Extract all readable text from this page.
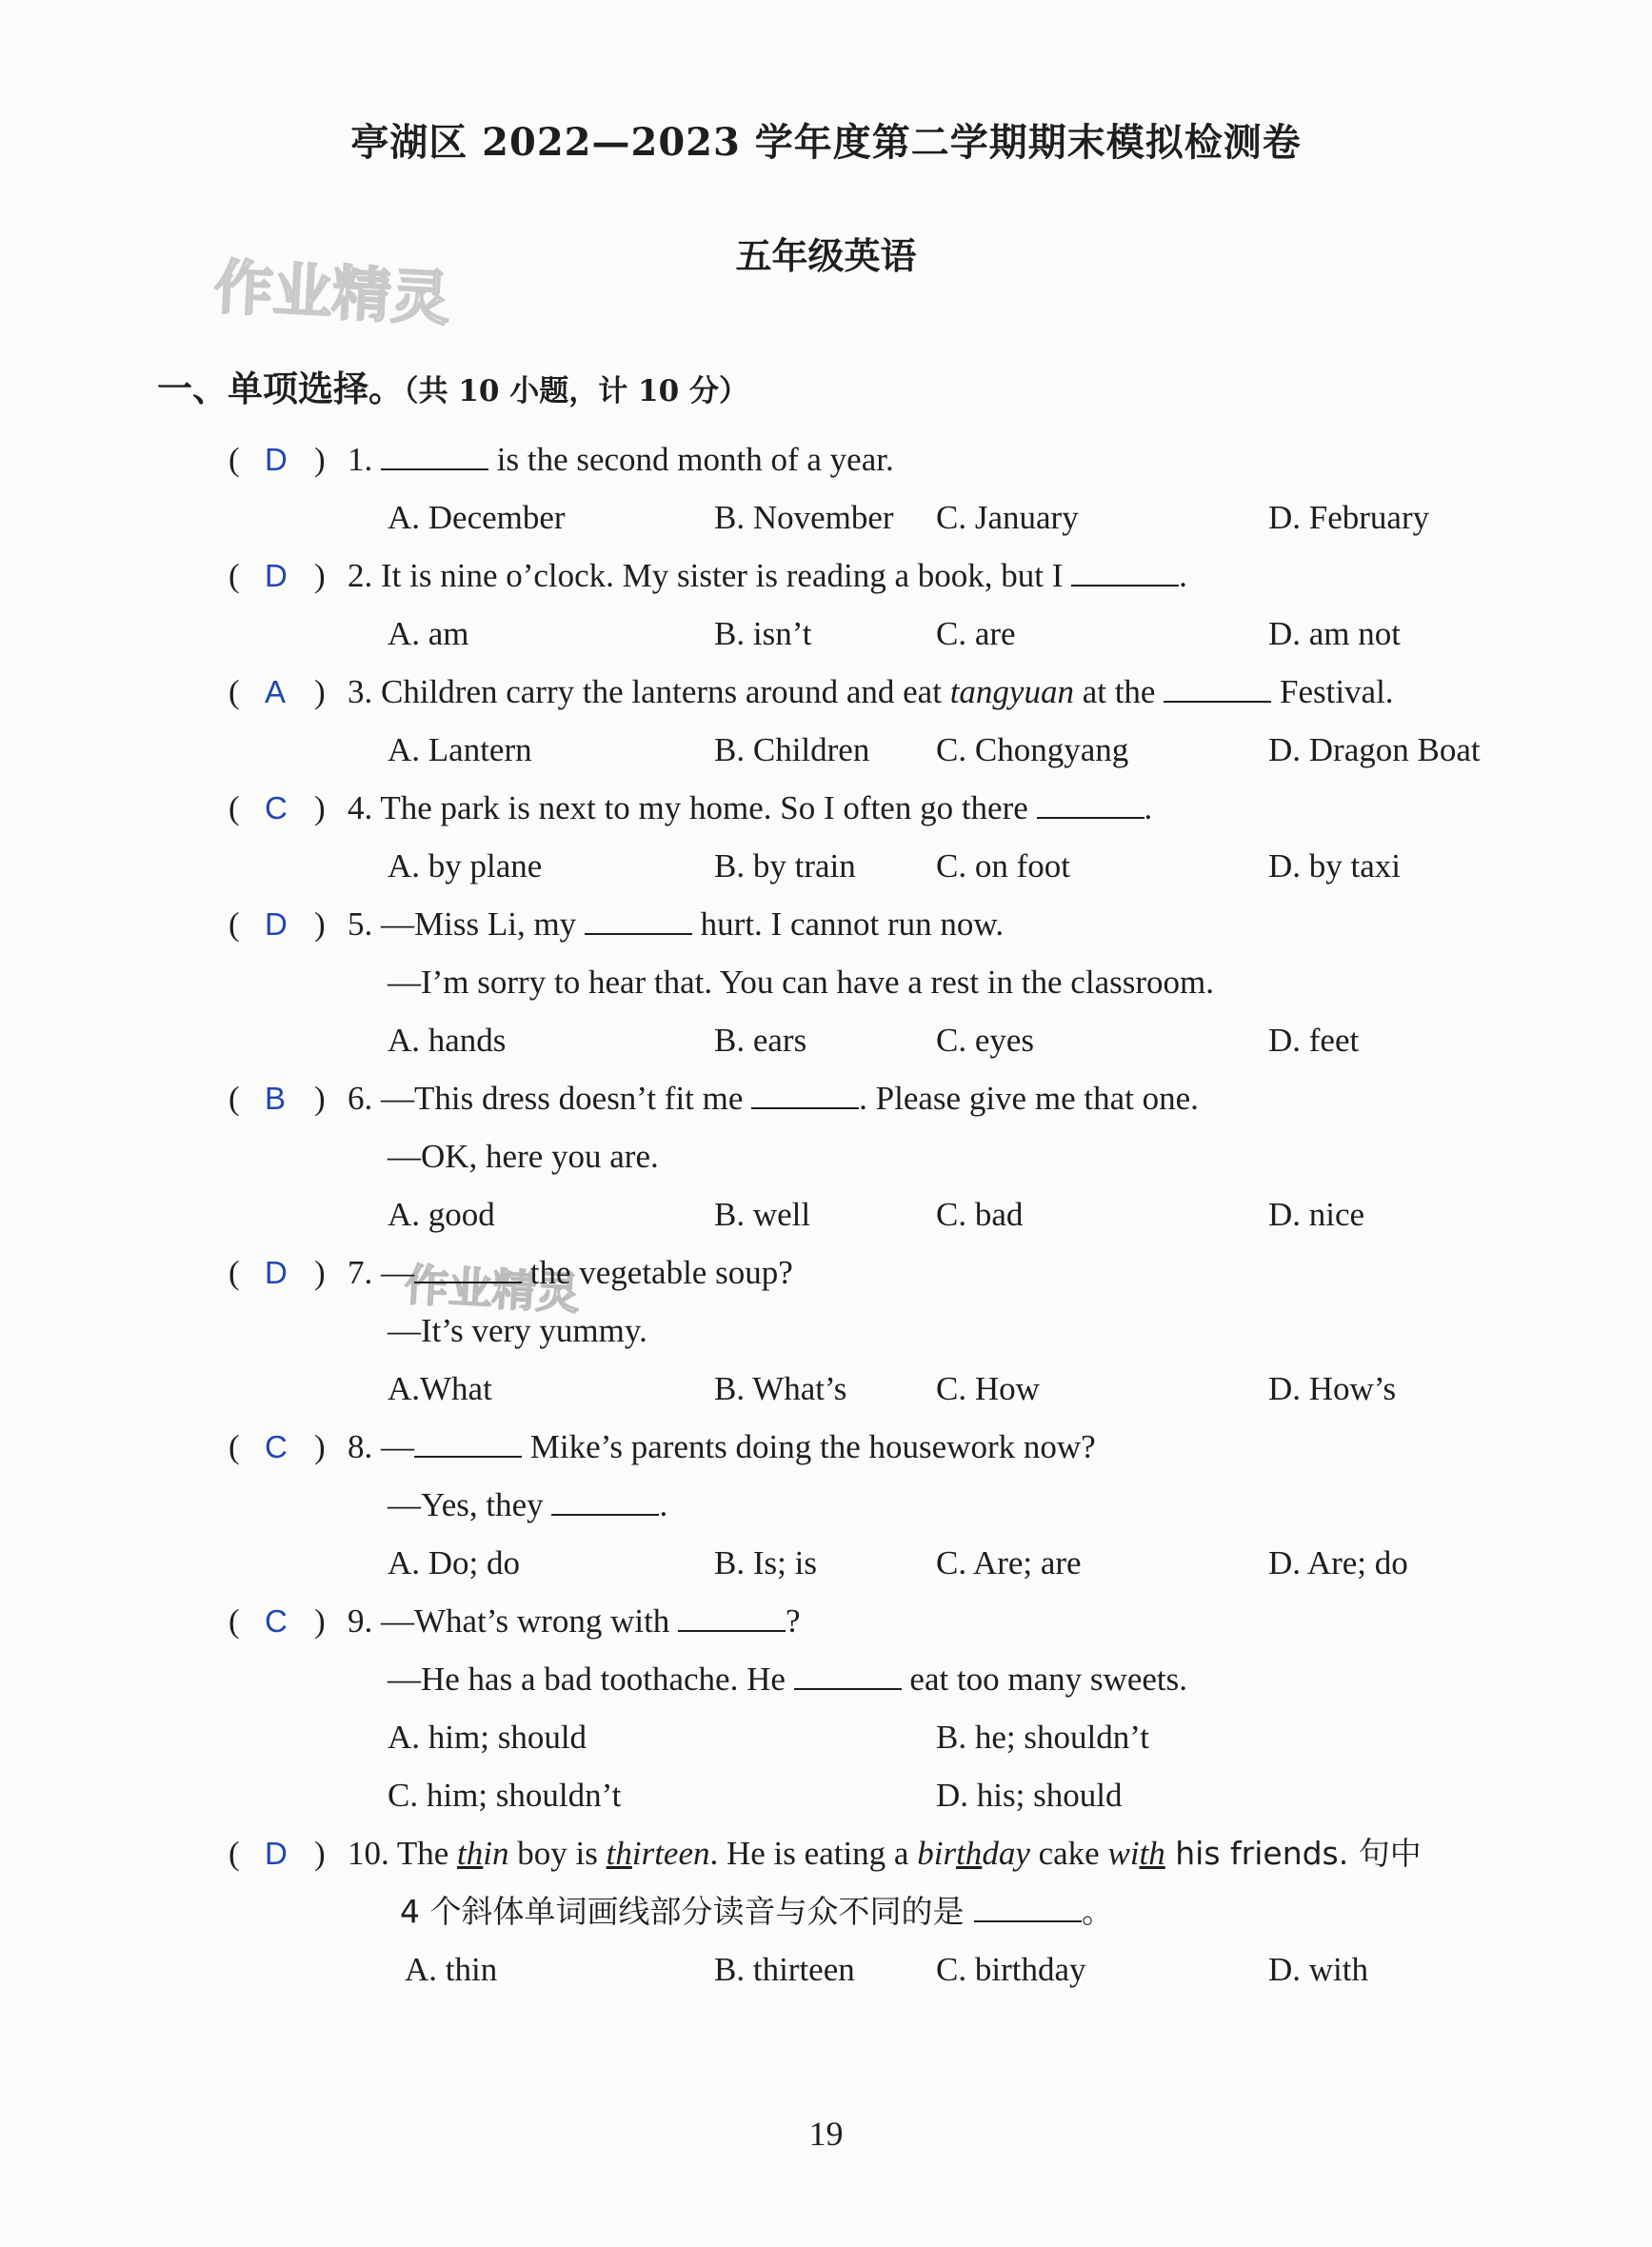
亭湖区 2022—2023 学年度第二学期期末模拟检测卷
五年级英语
作业精灵
作业精灵
一、单项选择。（共 10 小题，计 10 分）
( D ) 1.	is the second month of a year.
A. December	B. November C. January	D. February
( D ) 2. It is nine o’clock. My sister is reading a book, but I	.
A. am	B. isn’t	C. are	D. am not
( A ) 3. Children carry the lanterns around and eat tangyuan at the	Festival.
A. Lantern	B. Children C. Chongyang	D. Dragon Boat
( C ) 4. The park is next to my home. So I often go there	.
A. by plane	B. by train C. on foot	D. by taxi
( D ) 5. —Miss Li, my	hurt. I cannot run now.
—I’m sorry to hear that. You can have a rest in the classroom.
A. hands	B. ears	C. eyes	D. feet
( B ) 6. —This dress doesn’t fit me	. Please give me that one.
—OK, here you are.
A. good	B. well	C. bad	D. nice
( D ) 7. —	the vegetable soup?
—It’s very yummy.
A.What	B. What’s	C. How	D. How’s
( C ) 8. —	Mike’s parents doing the housework now?
—Yes, they	.
A. Do; do	B. Is; is	C. Are; are	D. Are; do
( C ) 9. —What’s wrong with	?
—He has a bad toothache. He	eat too many sweets.
A. him; should	B. he; shouldn’t
C. him; shouldn’t	D. his; should
( D ) 10. The thin boy is thirteen. He is eating a birthday cake with his friends. 句中
4 个斜体单词画线部分读音与众不同的是	。
A. thin	B. thirteen C. birthday	D. with
19
